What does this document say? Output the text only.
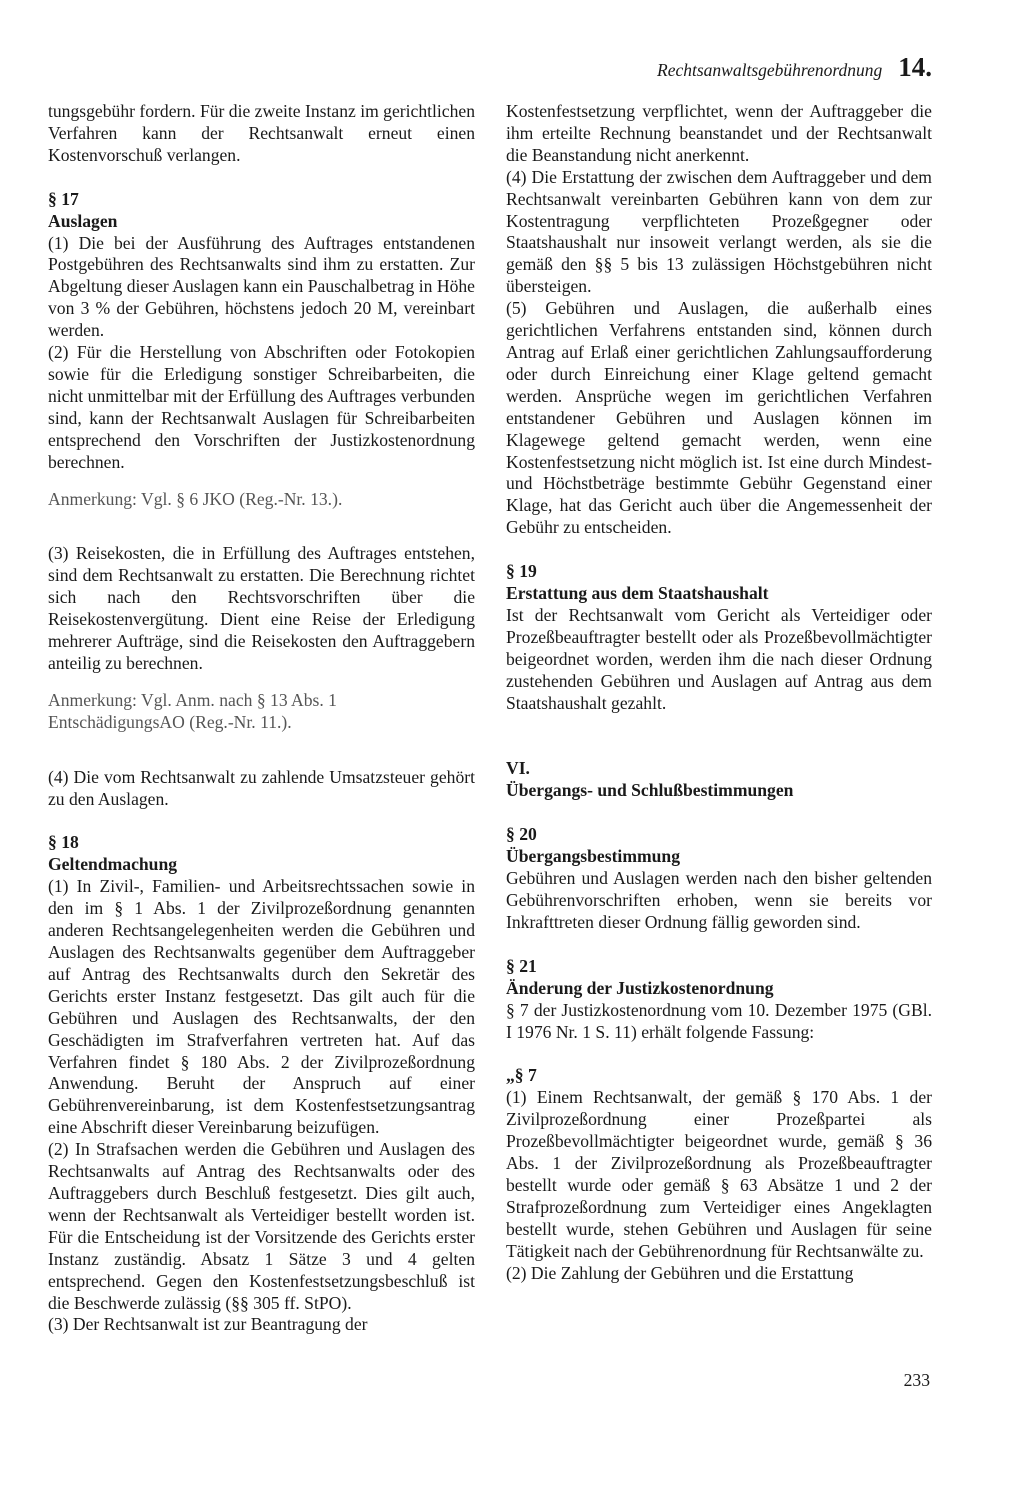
Rechtsanwaltsgebührenordnung 14.

tungsgebühr fordern. Für die zweite Instanz im gerichtlichen Verfahren kann der Rechtsanwalt erneut einen Kostenvorschuß verlangen.

§ 17
Auslagen

(1) Die bei der Ausführung des Auftrages entstandenen Postgebühren des Rechtsanwalts sind ihm zu erstatten. Zur Abgeltung dieser Auslagen kann ein Pauschalbetrag in Höhe von 3 % der Gebühren, höchstens jedoch 20 M, vereinbart werden.

(2) Für die Herstellung von Abschriften oder Fotokopien sowie für die Erledigung sonstiger Schreibarbeiten, die nicht unmittelbar mit der Erfüllung des Auftrages verbunden sind, kann der Rechtsanwalt Auslagen für Schreibarbeiten entsprechend den Vorschriften der Justizkostenordnung berechnen.

Anmerkung: Vgl. § 6 JKO (Reg.-Nr. 13.).

(3) Reisekosten, die in Erfüllung des Auftrages entstehen, sind dem Rechtsanwalt zu erstatten. Die Berechnung richtet sich nach den Rechtsvorschriften über die Reisekostenvergütung. Dient eine Reise der Erledigung mehrerer Aufträge, sind die Reisekosten den Auftraggebern anteilig zu berechnen.

Anmerkung: Vgl. Anm. nach § 13 Abs. 1 EntschädigungsAO (Reg.-Nr. 11.).

(4) Die vom Rechtsanwalt zu zahlende Umsatzsteuer gehört zu den Auslagen.

§ 18
Geltendmachung

(1) In Zivil-, Familien- und Arbeitsrechtssachen sowie in den im § 1 Abs. 1 der Zivilprozeßordnung genannten anderen Rechtsangelegenheiten werden die Gebühren und Auslagen des Rechtsanwalts gegenüber dem Auftraggeber auf Antrag des Rechtsanwalts durch den Sekretär des Gerichts erster Instanz festgesetzt. Das gilt auch für die Gebühren und Auslagen des Rechtsanwalts, der den Geschädigten im Strafverfahren vertreten hat. Auf das Verfahren findet § 180 Abs. 2 der Zivilprozeßordnung Anwendung. Beruht der Anspruch auf einer Gebührenvereinbarung, ist dem Kostenfestsetzungsantrag eine Abschrift dieser Vereinbarung beizufügen.

(2) In Strafsachen werden die Gebühren und Auslagen des Rechtsanwalts auf Antrag des Rechtsanwalts oder des Auftraggebers durch Beschluß festgesetzt. Dies gilt auch, wenn der Rechtsanwalt als Verteidiger bestellt worden ist. Für die Entscheidung ist der Vorsitzende des Gerichts erster Instanz zuständig. Absatz 1 Sätze 3 und 4 gelten entsprechend. Gegen den Kostenfestsetzungsbeschluß ist die Beschwerde zulässig (§§ 305 ff. StPO).

(3) Der Rechtsanwalt ist zur Beantragung der

Kostenfestsetzung verpflichtet, wenn der Auftraggeber die ihm erteilte Rechnung beanstandet und der Rechtsanwalt die Beanstandung nicht anerkennt.

(4) Die Erstattung der zwischen dem Auftraggeber und dem Rechtsanwalt vereinbarten Gebühren kann von dem zur Kostentragung verpflichteten Prozeßgegner oder Staatshaushalt nur insoweit verlangt werden, als sie die gemäß den §§ 5 bis 13 zulässigen Höchstgebühren nicht übersteigen.

(5) Gebühren und Auslagen, die außerhalb eines gerichtlichen Verfahrens entstanden sind, können durch Antrag auf Erlaß einer gerichtlichen Zahlungsaufforderung oder durch Einreichung einer Klage geltend gemacht werden. Ansprüche wegen im gerichtlichen Verfahren entstandener Gebühren und Auslagen können im Klagewege geltend gemacht werden, wenn eine Kostenfestsetzung nicht möglich ist. Ist eine durch Mindest- und Höchstbeträge bestimmte Gebühr Gegenstand einer Klage, hat das Gericht auch über die Angemessenheit der Gebühr zu entscheiden.

§ 19
Erstattung aus dem Staatshaushalt

Ist der Rechtsanwalt vom Gericht als Verteidiger oder Prozeßbeauftragter bestellt oder als Prozeßbevollmächtigter beigeordnet worden, werden ihm die nach dieser Ordnung zustehenden Gebühren und Auslagen auf Antrag aus dem Staatshaushalt gezahlt.

VI.
Übergangs- und Schlußbestimmungen
§ 20
Übergangsbestimmung

Gebühren und Auslagen werden nach den bisher geltenden Gebührenvorschriften erhoben, wenn sie bereits vor Inkrafttreten dieser Ordnung fällig geworden sind.

§ 21
Änderung der Justizkostenordnung

§ 7 der Justizkostenordnung vom 10. Dezember 1975 (GBl. I 1976 Nr. 1 S. 11) erhält folgende Fassung:

„§ 7

(1) Einem Rechtsanwalt, der gemäß § 170 Abs. 1 der Zivilprozeßordnung einer Prozeßpartei als Prozeßbevollmächtigter beigeordnet wurde, gemäß § 36 Abs. 1 der Zivilprozeßordnung als Prozeßbeauftragter bestellt wurde oder gemäß § 63 Absätze 1 und 2 der Strafprozeßordnung zum Verteidiger eines Angeklagten bestellt wurde, stehen Gebühren und Auslagen für seine Tätigkeit nach der Gebührenordnung für Rechtsanwälte zu.

(2) Die Zahlung der Gebühren und die Erstattung

233
